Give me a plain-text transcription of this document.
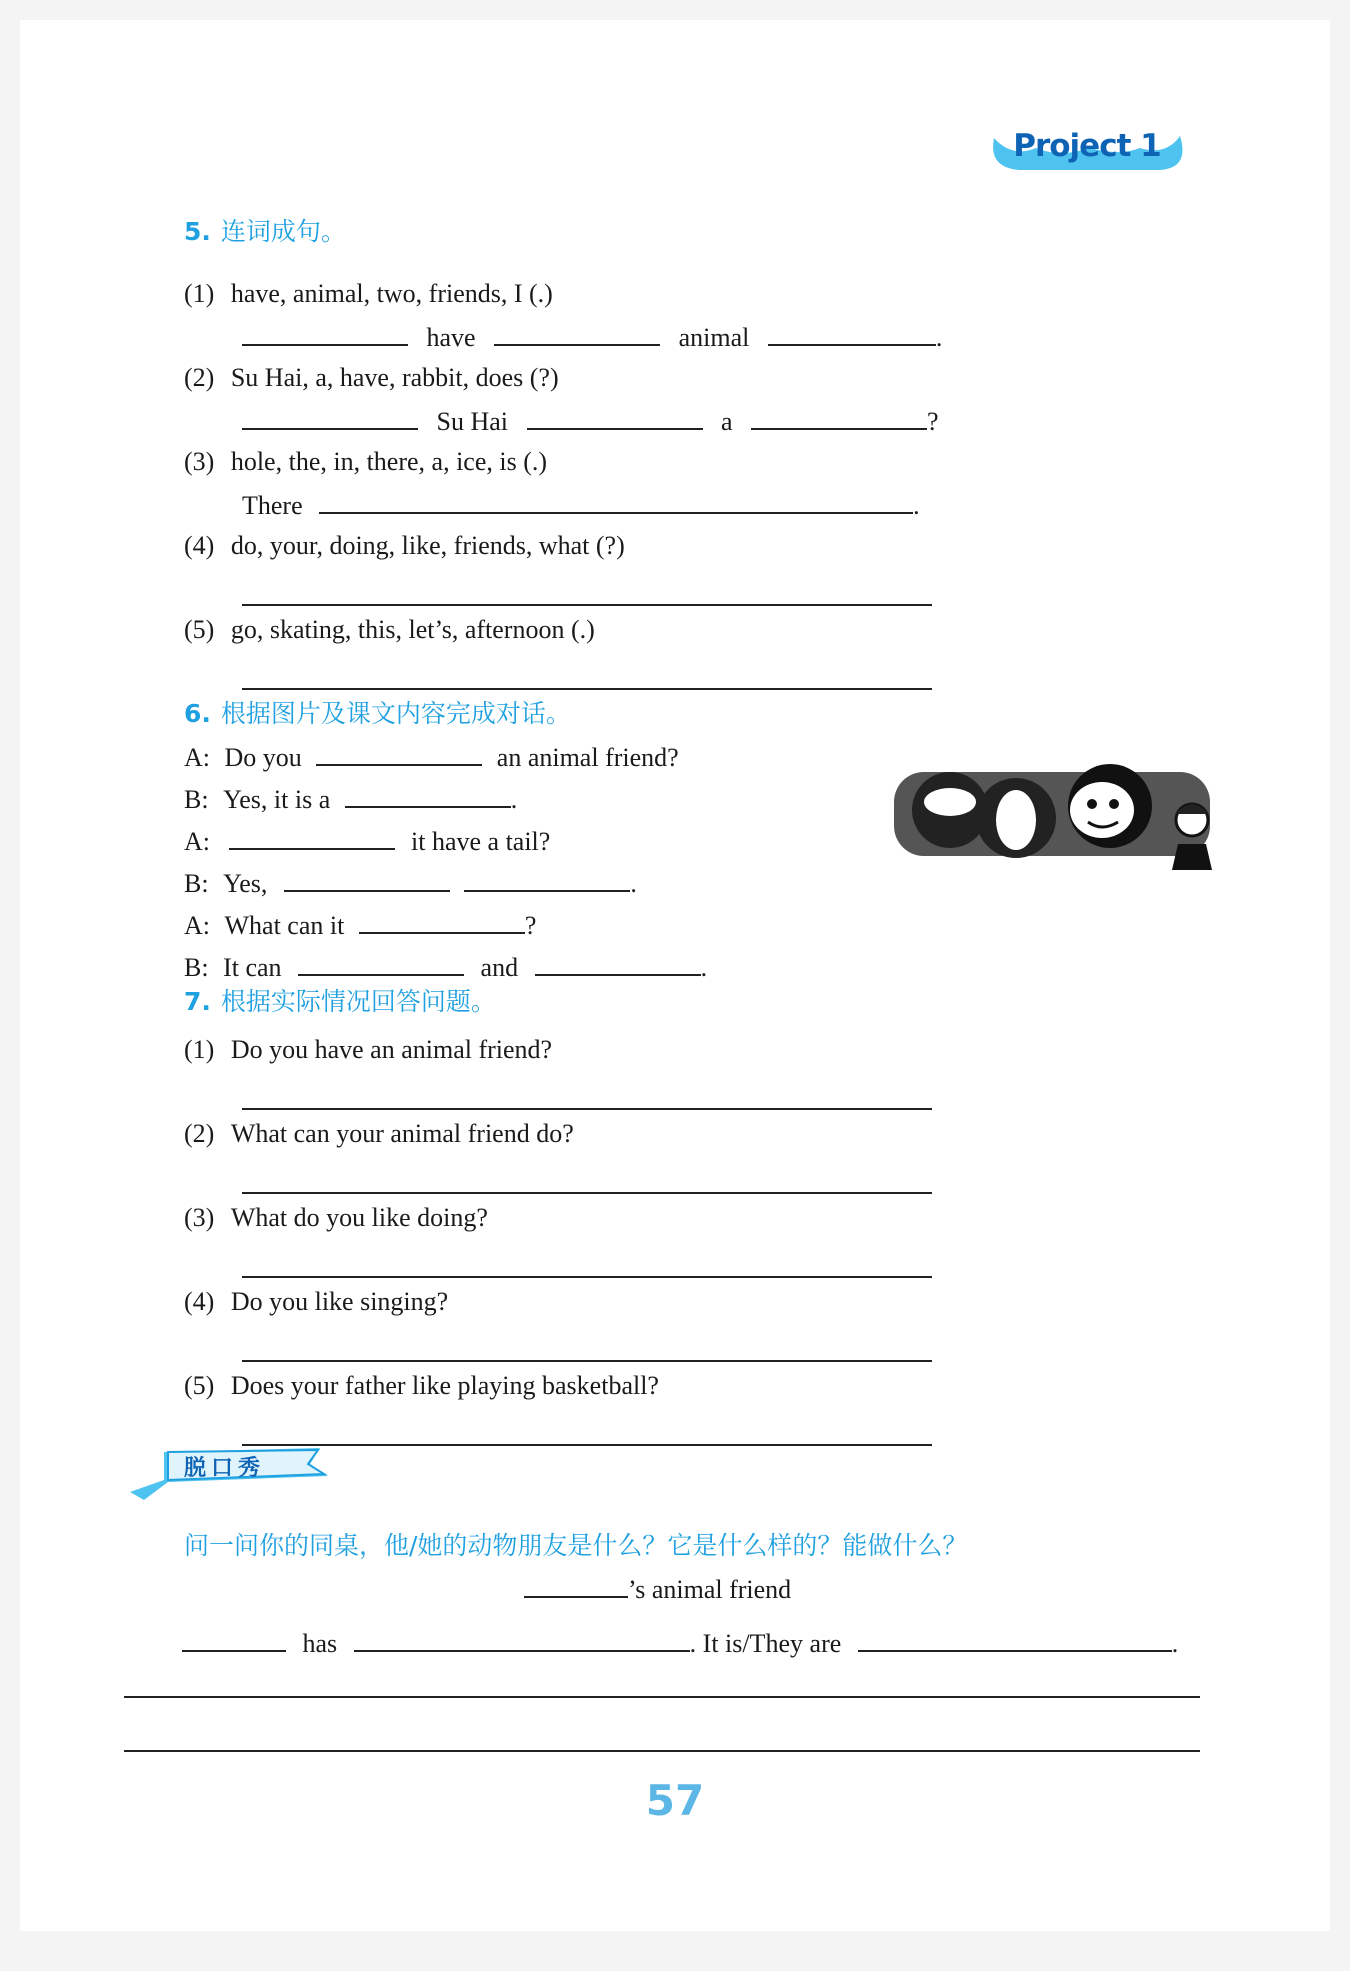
Project 1
5. 连词成句。
(1) have, animal, two, friends, I (.)
have	animal	.
(2) Su Hai, a, have, rabbit, does (?)
Su Hai	a	?
(3) hole, the, in, there, a, ice, is (.)
There	.
(4) do, your, doing, like, friends, what (?)
(5) go, skating, this, let’s, afternoon (.)
6. 根据图片及课文内容完成对话。
A: Do you	an animal friend?
B: Yes, it is a	.
A:	it have a tail?
B: Yes,	.
A: What can it	?
B: It can	and	.
7. 根据实际情况回答问题。
(1) Do you have an animal friend?
(2) What can your animal friend do?
(3) What do you like doing?
(4) Do you like singing?
(5) Does your father like playing basketball?
脱口秀
问一问你的同桌，他/她的动物朋友是什么？它是什么样的？能做什么？
’s animal friend
has	. It is/They are	.
57
